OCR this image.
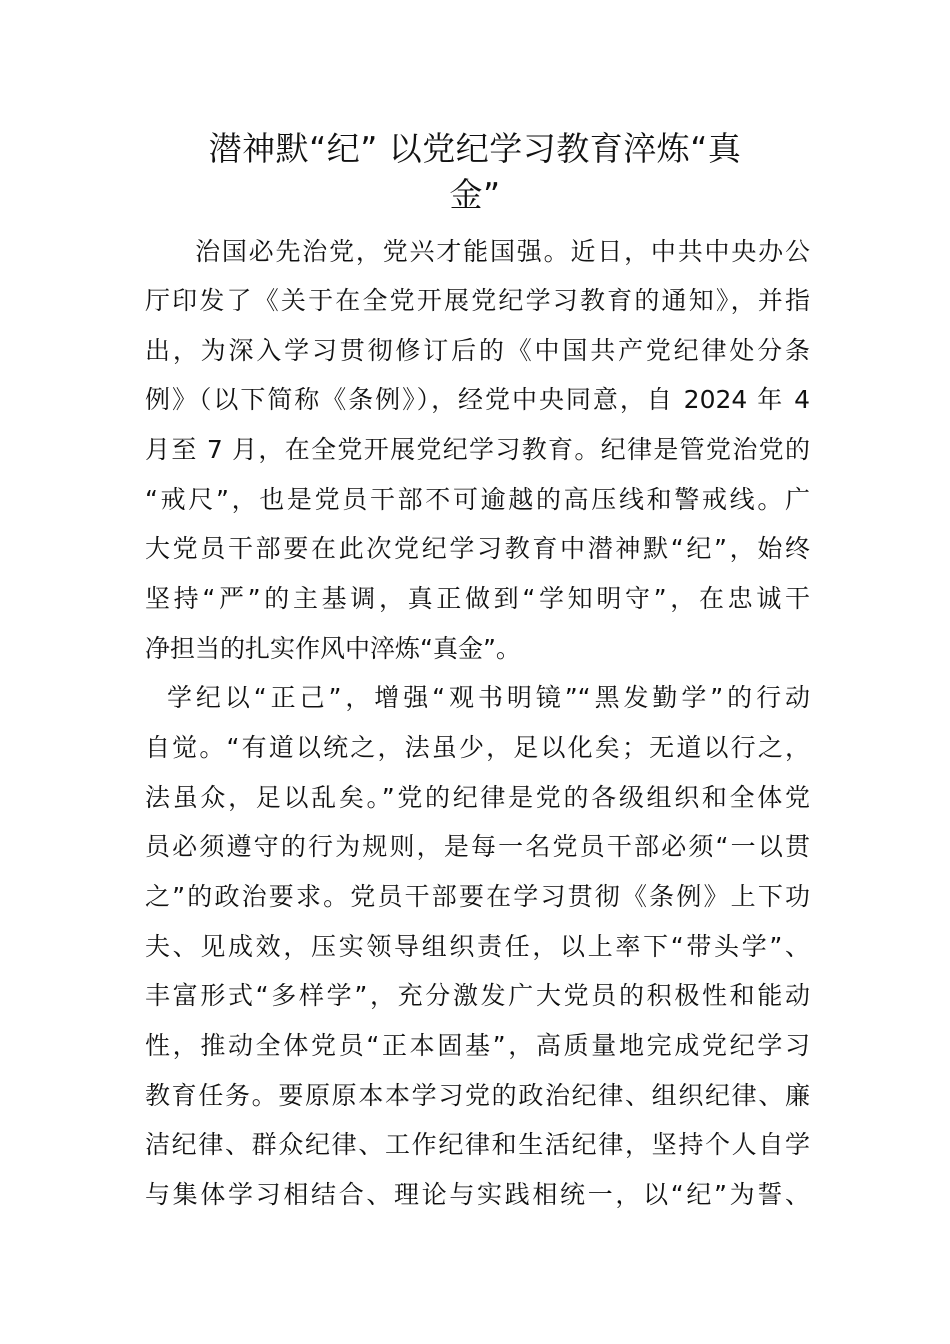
潜神默“纪” 以党纪学习教育淬炼“真
金”

治国必先治党，党兴才能国强。近日，中共中央办公

厅印发了《关于在全党开展党纪学习教育的通知》，并指

出，为深入学习贯彻修订后的《中国共产党纪律处分条

例》（以下简称《条例》），经党中央同意，自 2024 年 4

月至 7 月，在全党开展党纪学习教育。纪律是管党治党的

“戒尺”，也是党员干部不可逾越的高压线和警戒线。广

大党员干部要在此次党纪学习教育中潜神默“纪”，始终

坚持“严”的主基调，真正做到“学知明守”，在忠诚干

净担当的扎实作风中淬炼“真金”。

学纪以“正己”，增强“观书明镜”“黑发勤学”的行动

自觉。“有道以统之，法虽少，足以化矣；无道以行之，

法虽众，足以乱矣。”党的纪律是党的各级组织和全体党

员必须遵守的行为规则，是每一名党员干部必须“一以贯

之”的政治要求。党员干部要在学习贯彻《条例》上下功

夫、见成效，压实领导组织责任，以上率下“带头学”、

丰富形式“多样学”，充分激发广大党员的积极性和能动

性，推动全体党员“正本固基”，高质量地完成党纪学习

教育任务。要原原本本学习党的政治纪律、组织纪律、廉

洁纪律、群众纪律、工作纪律和生活纪律，坚持个人自学

与集体学习相结合、理论与实践相统一，以“纪”为誓、
